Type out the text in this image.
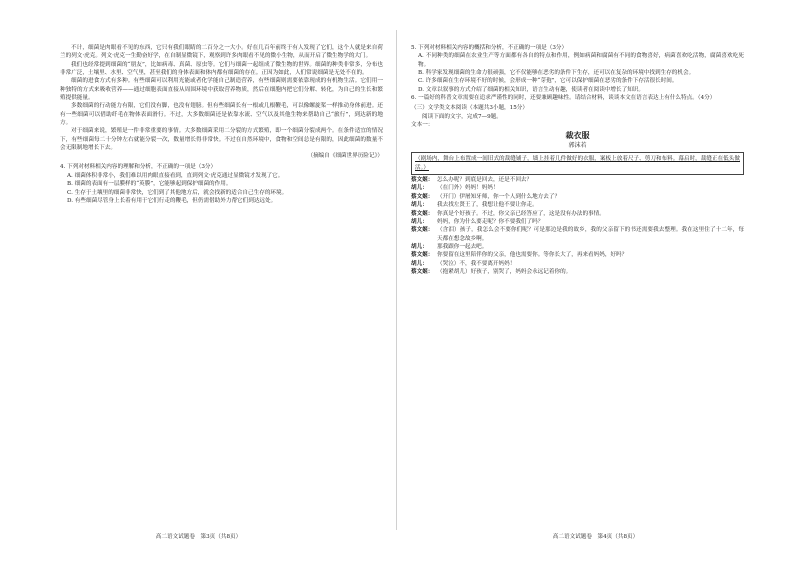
不计，细菌是肉眼看不见的东西，它只有我们眼睛的二百分之一大小。好在几百年前终于有人发现了它们，这个人就是来自荷兰的列文·虎克。列文·虎克一生勤奋好学，在自制显微镜下，观察到许多肉眼看不见的微小生物，从而开启了微生物学的大门。

我们也经常提到细菌的“朋友”，比如病毒、真菌、原虫等。它们与细菌一起组成了微生物的世界。细菌的种类非常多，分布也非常广泛，土壤里、水里、空气里，甚至我们的身体表面和体内都有细菌的存在。正因为如此，人们常说细菌是无处不在的。

细菌的进食方式有多种。有些细菌可以利用光能或者化学能自己制造营养，有些细菌则需要依靠现成的有机物生活。它们用一种独特的方式来吸收营养——通过细胞表面直接从周围环境中获取营养物质，然后在细胞内把它们分解、转化，为自己的生长和繁殖提供能量。

多数细菌的行动能力有限，它们没有脚，也没有翅膀。但有些细菌长有一根或几根鞭毛，可以像螺旋桨一样推动身体前进。还有一些细菌可以借助纤毛在物体表面滑行。不过，大多数细菌还是依靠水流、空气以及其他生物来帮助自己“旅行”，到达新的地方。

对于细菌来说，繁殖是一件非常重要的事情。大多数细菌采用二分裂的方式繁殖，即一个细菌分裂成两个。在条件适宜的情况下，有些细菌每二十分钟左右就能分裂一次，数量增长得非常快。不过在自然环境中，食物和空间总是有限的，因此细菌的数量不会无限制地增长下去。

（摘编自《细菌世界历险记》）

4. 下列对材料相关内容的理解和分析，不正确的一项是（3分）

A. 细菌体积非常小，我们难以用肉眼直接看到，直到列文·虎克通过显微镜才发现了它。

B. 细菌的表面有一层膜样的“英膜”，它能够起到保护细菌的作用。

C. 生存于土壤里的细菌非常快，它们到了其他地方后，就会找新的适合自己生存的环境。

D. 有些细菌尽管身上长着有用于它们行走的鞭毛，但仍需借助外力帮它们到达远处。

高二语文试题卷　第3页（共8页）

5. 下列对材料相关内容的概括和分析，不正确的一项是（3分）

A. 不同种类的细菌在农业生产等方面都有各自的特点和作用，例如病菌和腐菌有不同的食物喜好，病菌喜欢吃活物，腐菌喜欢吃死物。

B. 科学家发现细菌的生命力很顽强，它不仅能够在恶劣的条件下生存，还可以在复杂的环境中找到生存的机会。

C. 许多细菌在生存环境不好的时候，会形成一种“芽孢”，它可以保护细菌在恶劣的条件下存活很长时间。

D. 文章以叙事的方式介绍了细菌的相关知识，语言生动有趣，使读者在阅读中增长了知识。

6. 一篇好的科普文章需要在追求严谨性的同时，还要兼顾趣味性。请结合材料，谈谈本文在语言表达上有什么特点。（4分）

（三）文学类文本阅读（本题共3小题，15分）

阅读下面的文字，完成7—9题。

文本一：

裁衣服
郭沫若

（剧场内，舞台上布置成一间旧式的裁缝铺子，墙上挂着几件做好的衣服，案板上放着尺子、剪刀和布料。幕启时，裁缝正在低头做活。）

蔡文姬： 怎么办呢？到底是回去，还是不回去？
胡儿：	（在门外）妈妈！妈妈！
蔡文姬： （开门）伊屠知牙师，你一个人到什么地方去了？
胡儿：	我去找左贤王了，我想让他不要让你走。
蔡文姬： 你真是个好孩子。不过，你父亲已经答应了，这是没有办法的事情。
胡儿：	妈妈，你为什么要走呢？你不要我们了吗？
蔡文姬： （含泪）孩子，我怎么会不要你们呢？可是那边是我的故乡，我的父亲留下的书还需要我去整理。我在这里住了十二年，每天都在想念故乡啊。
胡儿：	那我跟你一起去吧。
蔡文姬： 你要留在这里陪伴你的父亲，他也需要你。等你长大了，再来看妈妈，好吗？
胡儿：	（哭泣）不，我不要离开妈妈！
蔡文姬： （抱紧胡儿）好孩子，别哭了，妈妈会永远记着你的。
高二语文试题卷　第4页（共8页）
